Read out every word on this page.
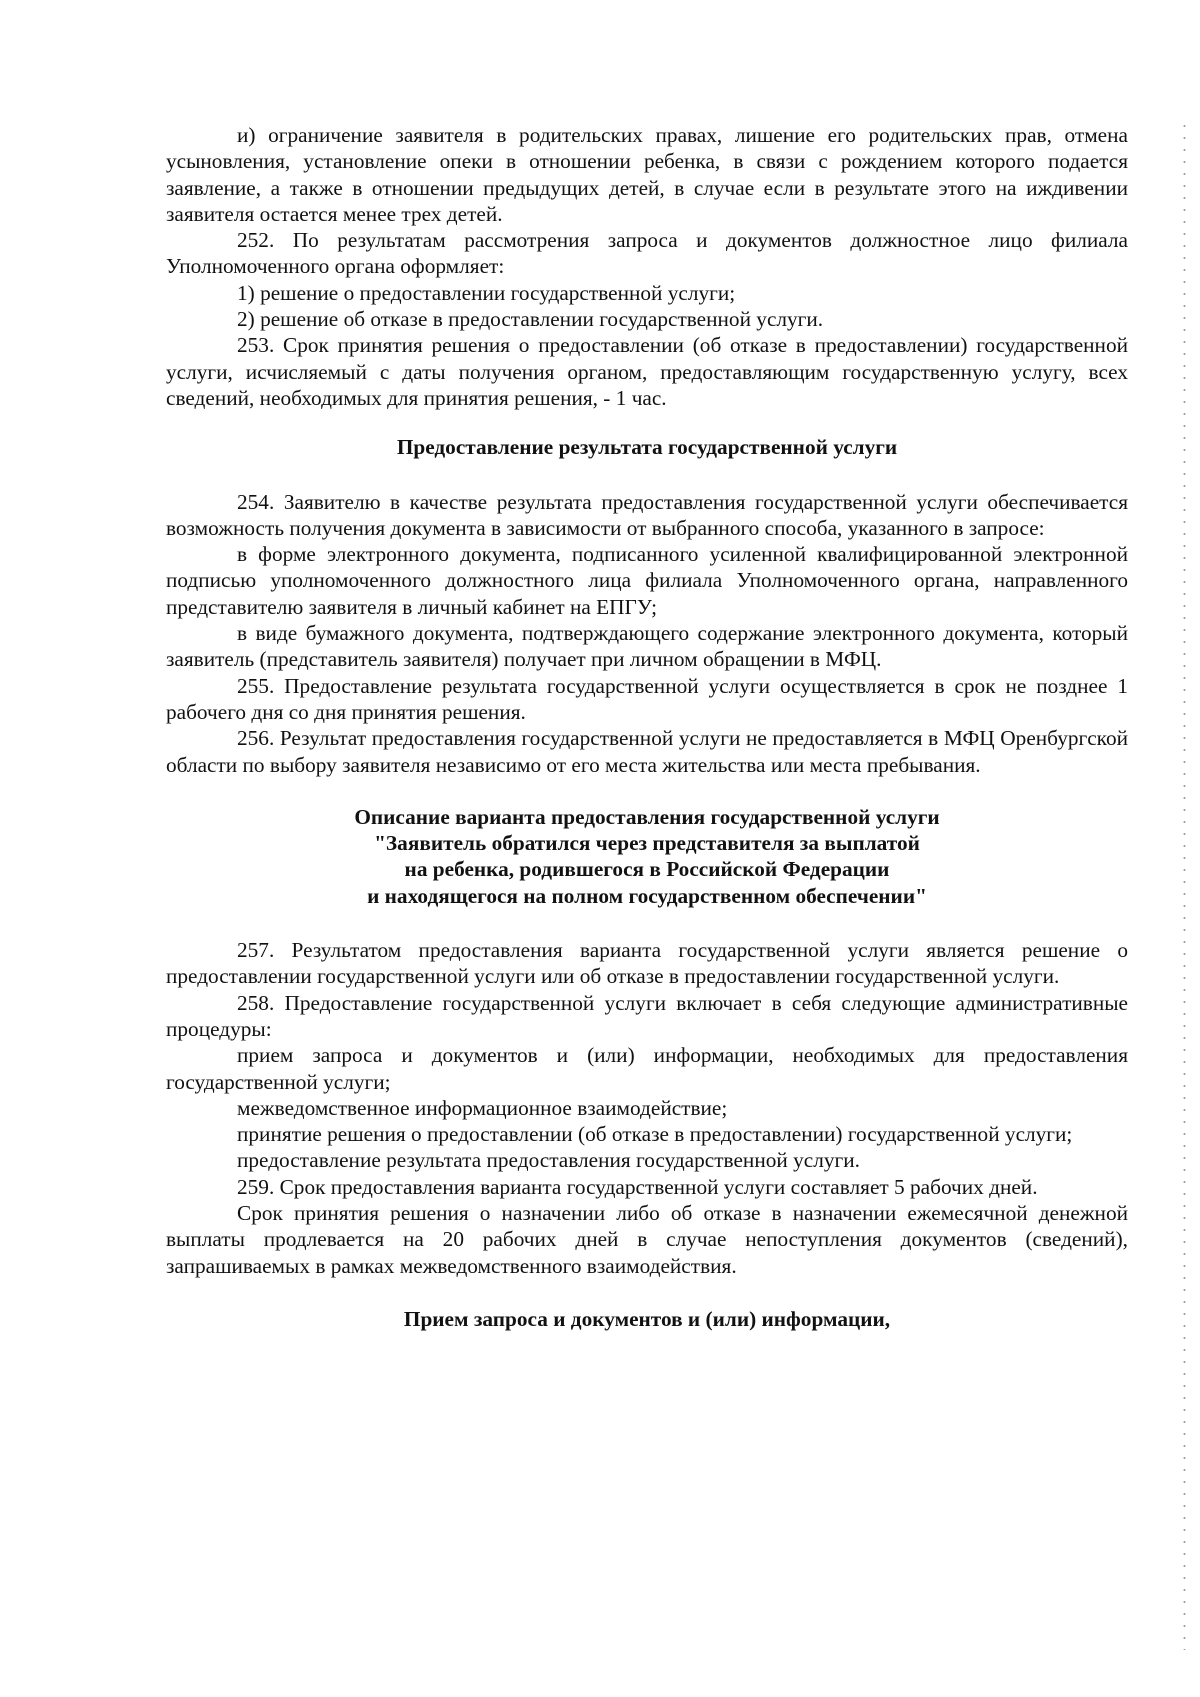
и) ограничение заявителя в родительских правах, лишение его родительских прав, отмена усыновления, установление опеки в отношении ребенка, в связи с рождением которого подается заявление, а также в отношении предыдущих детей, в случае если в результате этого на иждивении заявителя остается менее трех детей.

252. По результатам рассмотрения запроса и документов должностное лицо филиала Уполномоченного органа оформляет:

1) решение о предоставлении государственной услуги;

2) решение об отказе в предоставлении государственной услуги.

253. Срок принятия решения о предоставлении (об отказе в предоставлении) государственной услуги, исчисляемый с даты получения органом, предоставляющим государственную услугу, всех сведений, необходимых для принятия решения, - 1 час.

Предоставление результата государственной услуги

254. Заявителю в качестве результата предоставления государственной услуги обеспечивается возможность получения документа в зависимости от выбранного способа, указанного в запросе:

в форме электронного документа, подписанного усиленной квалифицированной электронной подписью уполномоченного должностного лица филиала Уполномоченного органа, направленного представителю заявителя в личный кабинет на ЕПГУ;

в виде бумажного документа, подтверждающего содержание электронного документа, который заявитель (представитель заявителя) получает при личном обращении в МФЦ.

255. Предоставление результата государственной услуги осуществляется в срок не позднее 1 рабочего дня со дня принятия решения.

256. Результат предоставления государственной услуги не предоставляется в МФЦ Оренбургской области по выбору заявителя независимо от его места жительства или места пребывания.

Описание варианта предоставления государственной услуги
"Заявитель обратился через представителя за выплатой
на ребенка, родившегося в Российской Федерации
и находящегося на полном государственном обеспечении"

257. Результатом предоставления варианта государственной услуги является решение о предоставлении государственной услуги или об отказе в предоставлении государственной услуги.

258. Предоставление государственной услуги включает в себя следующие административные процедуры:

прием запроса и документов и (или) информации, необходимых для предоставления государственной услуги;

межведомственное информационное взаимодействие;

принятие решения о предоставлении (об отказе в предоставлении) государственной услуги;

предоставление результата предоставления государственной услуги.

259. Срок предоставления варианта государственной услуги составляет 5 рабочих дней.

Срок принятия решения о назначении либо об отказе в назначении ежемесячной денежной выплаты продлевается на 20 рабочих дней в случае непоступления документов (сведений), запрашиваемых в рамках межведомственного взаимодействия.

Прием запроса и документов и (или) информации,
